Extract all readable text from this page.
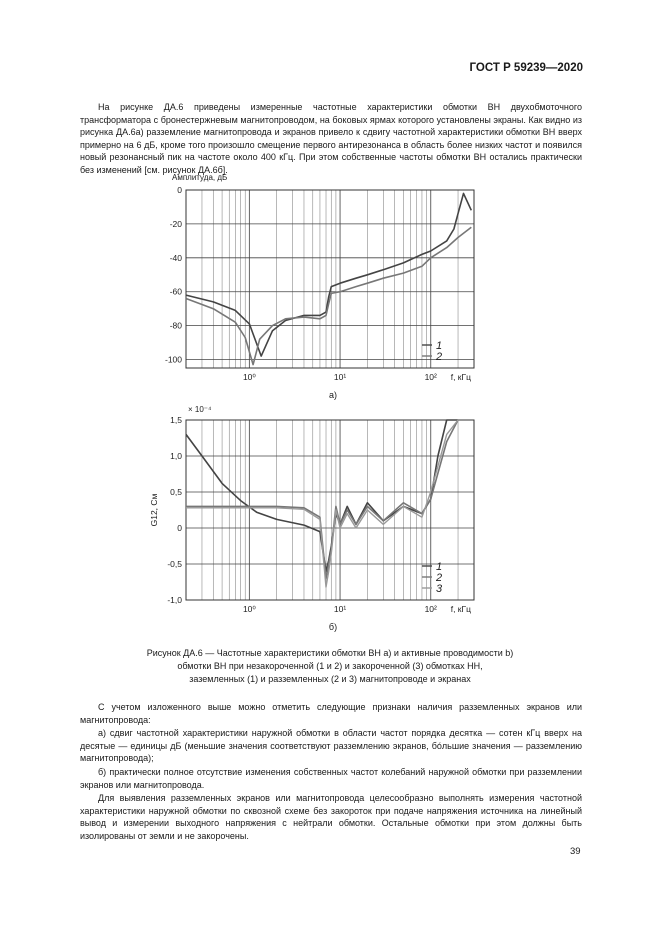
ГОСТ Р 59239—2020
На рисунке ДА.6 приведены измеренные частотные характеристики обмотки ВН двухобмоточного трансформатора с бронестержневым магнитопроводом, на боковых ярмах которого установлены экраны. Как видно из рисунка ДА.6а) разземление магнитопровода и экранов привело к сдвигу частотной характеристики обмотки ВН вверх примерно на 6 дБ, кроме того произошло смещение первого антирезонанса в область более низких частот и появился новый резонансный пик на частоте около 400 кГц. При этом собственные частоты обмотки ВН остались практически без изменений [см. рисунок ДА.6б].
Амплитуда, дБ
0
-20
-40
-60
-80
-100
10⁰	10¹	10² f, кГц
1
2
а)
1,5
1,0
0,5
0
-0,5
-1,0
10⁰	10¹	10² f, кГц
1
2
3
× 10⁻⁴
G12, См
б)
Рисунок ДА.6 — Частотные характеристики обмотки ВН а) и активные проводимости b)
обмотки ВН при незакороченной (1 и 2) и закороченной (3) обмотках НН,
заземленных (1) и разземленных (2 и 3) магнитопроводе и экранах
С учетом изложенного выше можно отметить следующие признаки наличия разземленных экранов или магнитопровода:
а) сдвиг частотной характеристики наружной обмотки в области частот порядка десятка — сотен кГц вверх на десятые — единицы дБ (меньшие значения соответствуют разземлению экранов, бóльшие значения — разземлению магнитопровода);
б) практически полное отсутствие изменения собственных частот колебаний наружной обмотки при разземлении экранов или магнитопровода.
Для выявления разземленных экранов или магнитопровода целесообразно выполнять измерения частотной характеристики наружной обмотки по сквозной схеме без закороток при подаче напряжения источника на линейный вывод и измерении выходного напряжения с нейтрали обмотки. Остальные обмотки при этом должны быть изолированы от земли и не закорочены.
39
